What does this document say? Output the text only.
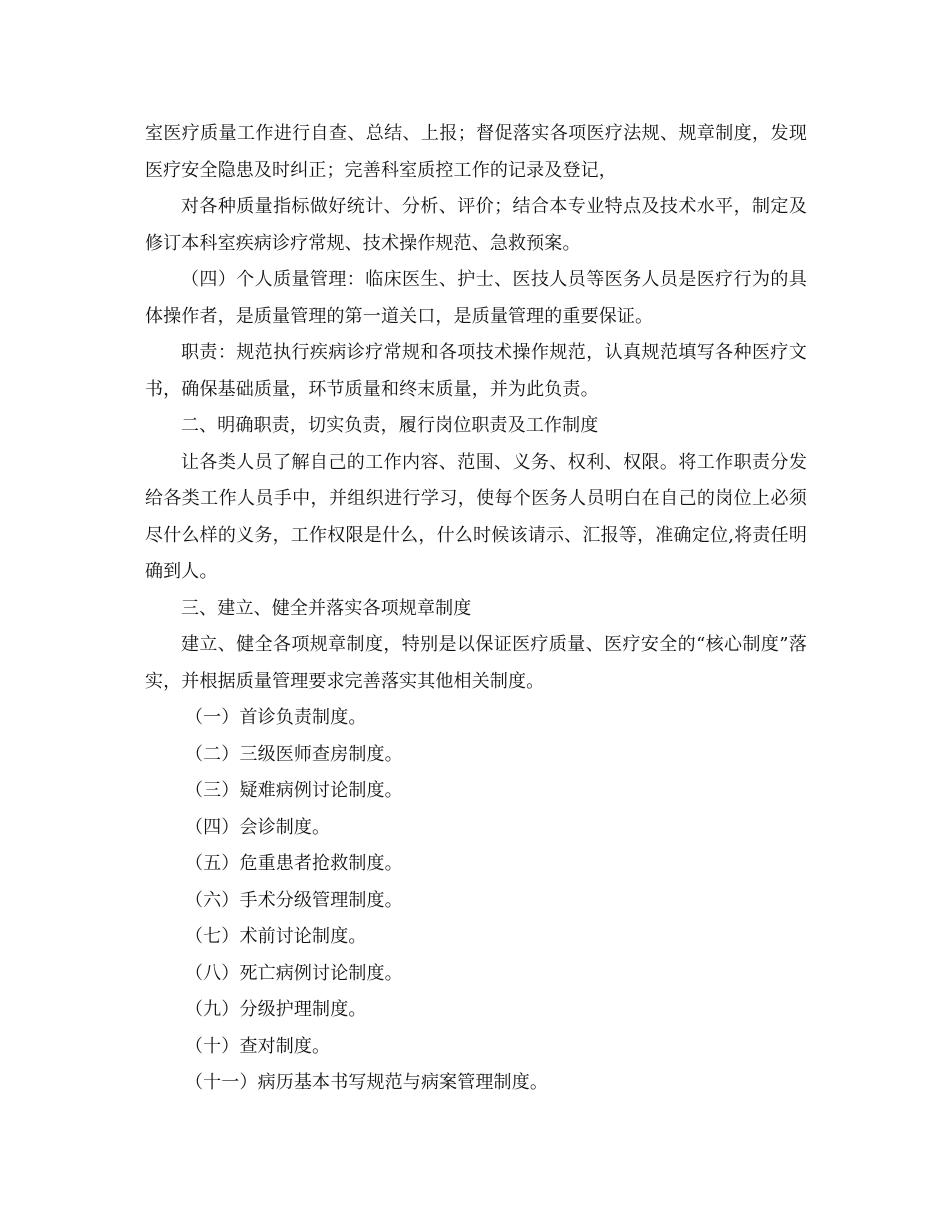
室医疗质量工作进行自查、总结、上报；督促落实各项医疗法规、规章制度，发现医疗安全隐患及时纠正；完善科室质控工作的记录及登记，

对各种质量指标做好统计、分析、评价；结合本专业特点及技术水平，制定及修订本科室疾病诊疗常规、技术操作规范、急救预案。

（四）个人质量管理：临床医生、护士、医技人员等医务人员是医疗行为的具体操作者，是质量管理的第一道关口，是质量管理的重要保证。

职责：规范执行疾病诊疗常规和各项技术操作规范，认真规范填写各种医疗文书，确保基础质量，环节质量和终末质量，并为此负责。

二、明确职责，切实负责，履行岗位职责及工作制度

让各类人员了解自己的工作内容、范围、义务、权利、权限。将工作职责分发给各类工作人员手中，并组织进行学习，使每个医务人员明白在自己的岗位上必须尽什么样的义务，工作权限是什么，什么时候该请示、汇报等，准确定位,将责任明确到人。

三、建立、健全并落实各项规章制度

建立、健全各项规章制度，特别是以保证医疗质量、医疗安全的“核心制度”落实，并根据质量管理要求完善落实其他相关制度。

（一）首诊负责制度。
（二）三级医师查房制度。
（三）疑难病例讨论制度。
（四）会诊制度。
（五）危重患者抢救制度。
（六）手术分级管理制度。
（七）术前讨论制度。
（八）死亡病例讨论制度。
（九）分级护理制度。
（十）查对制度。
（十一）病历基本书写规范与病案管理制度。
